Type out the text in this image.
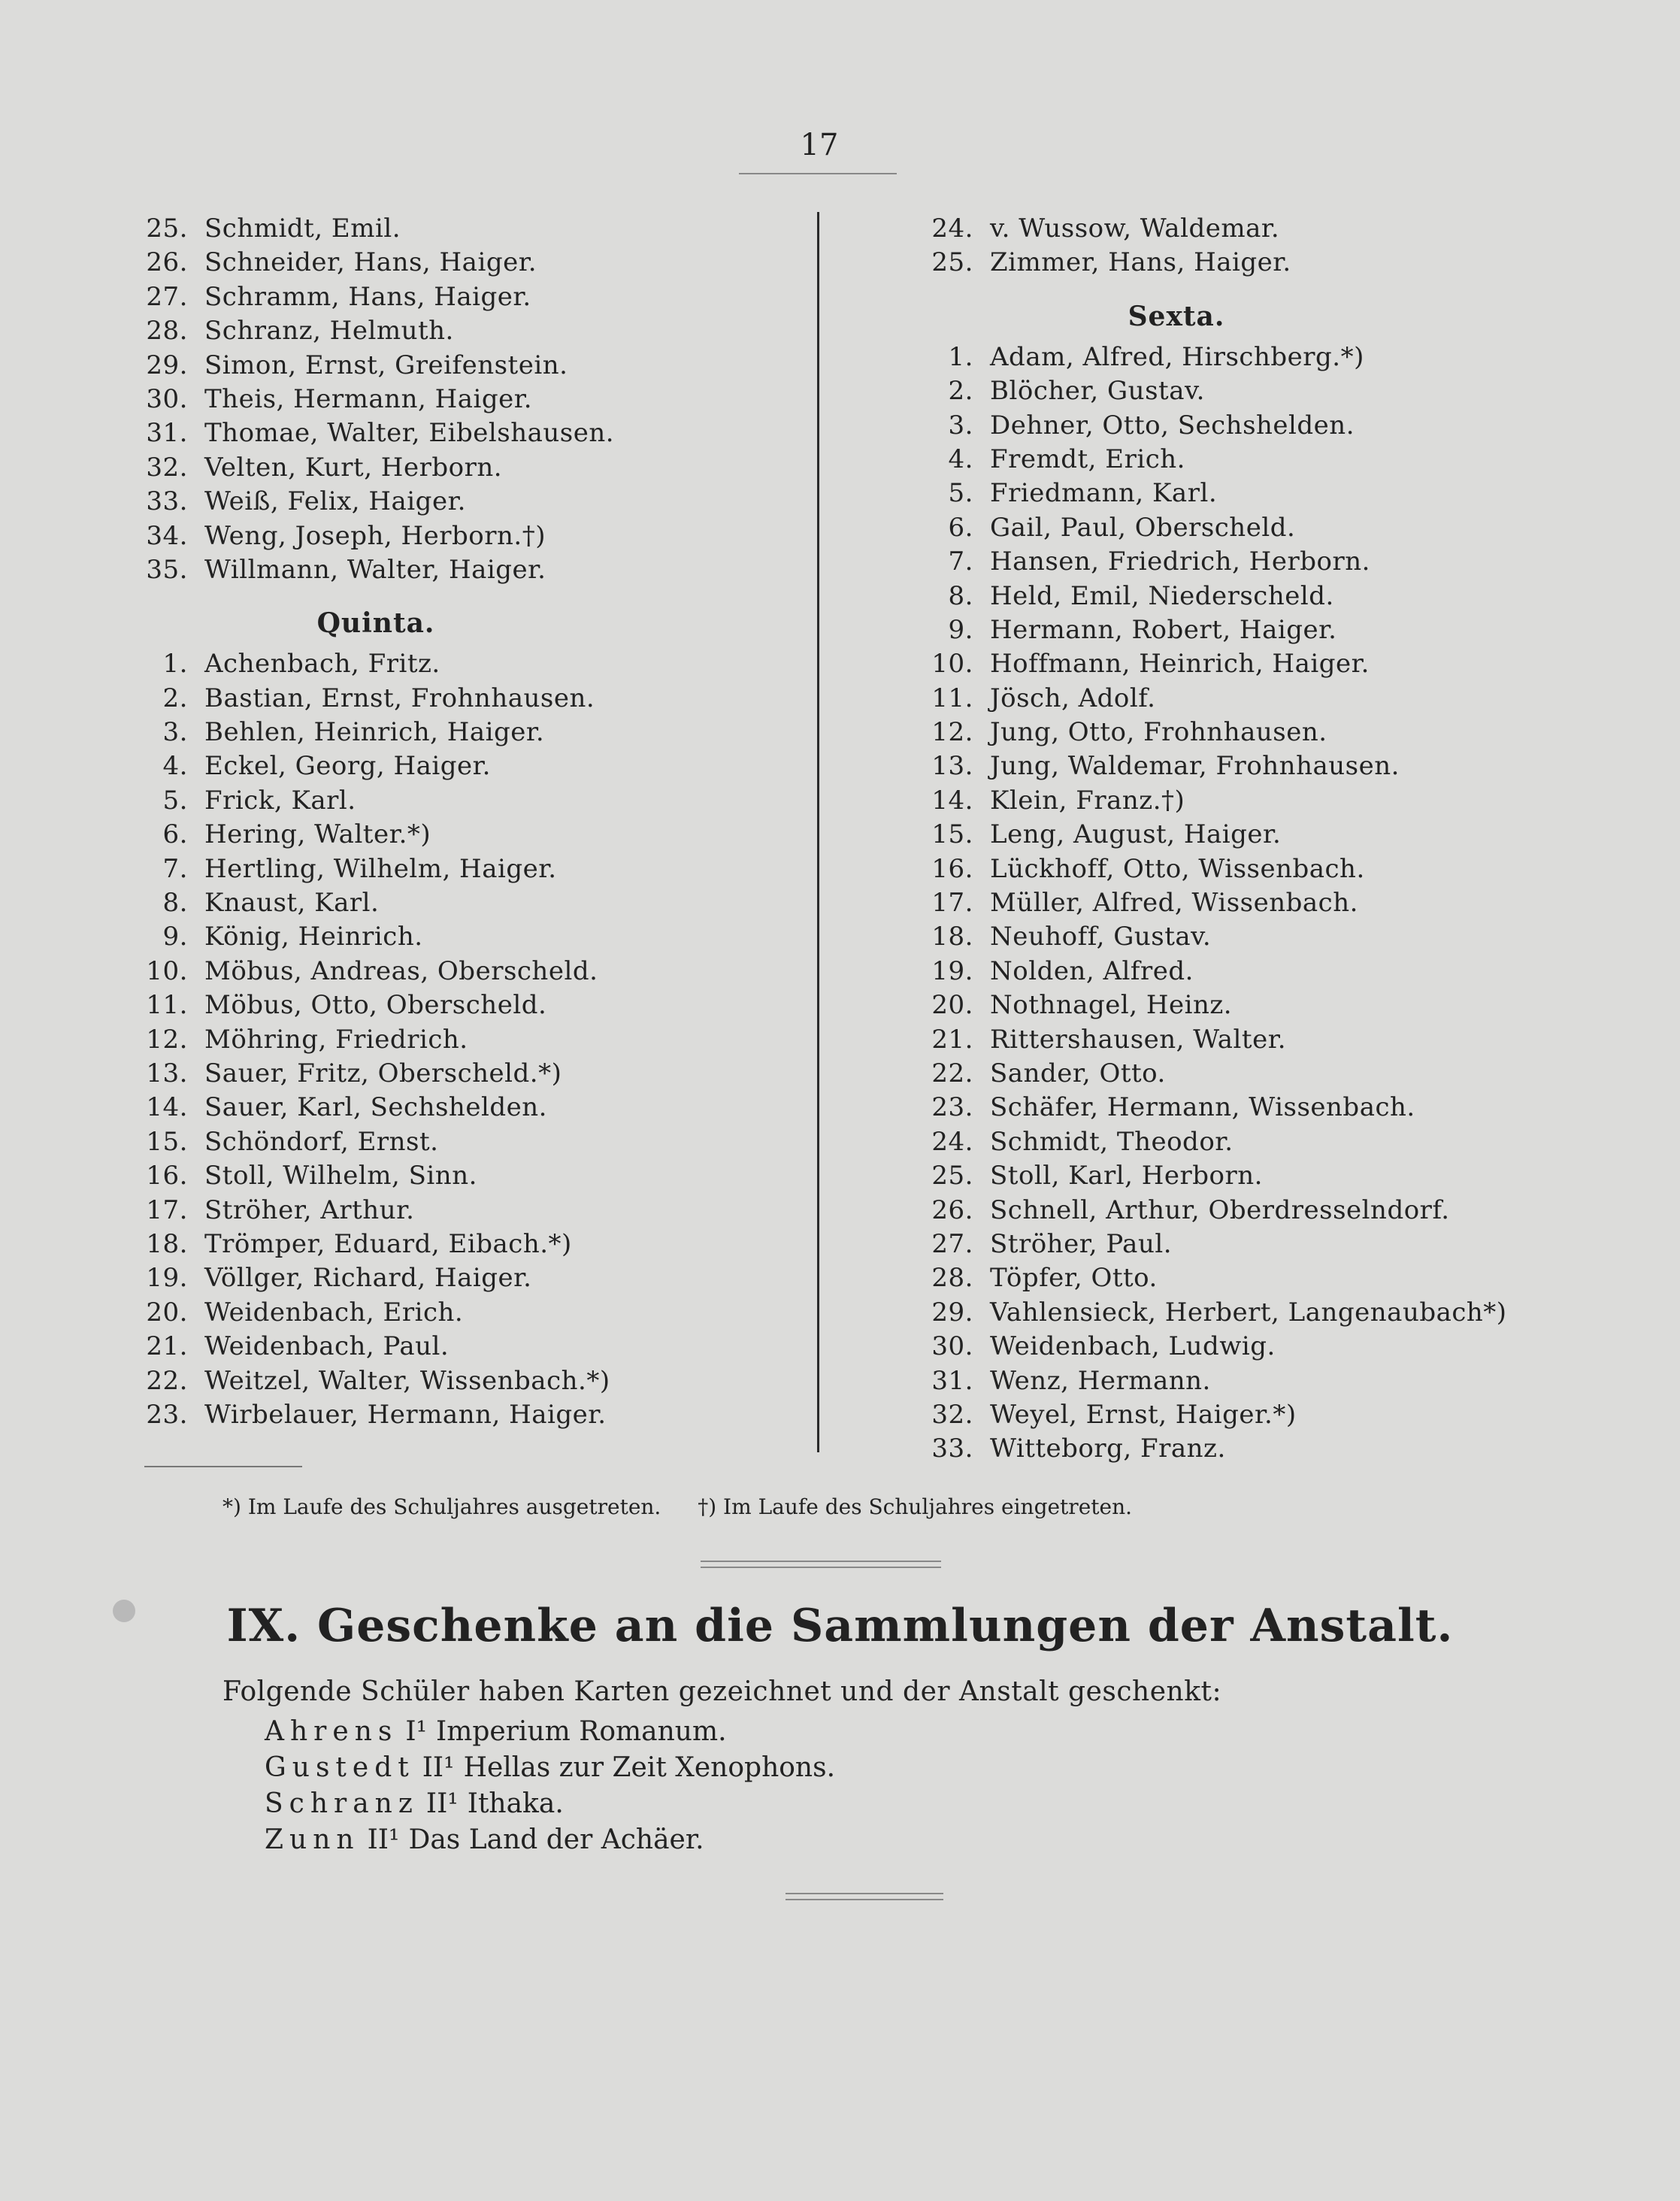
17
25. Schmidt, Emil.
26. Schneider, Hans, Haiger.
27. Schramm, Hans, Haiger.
28. Schranz, Helmuth.
29. Simon, Ernst, Greifenstein.
30. Theis, Hermann, Haiger.
31. Thomae, Walter, Eibelshausen.
32. Velten, Kurt, Herborn.
33. Weiß, Felix, Haiger.
34. Weng, Joseph, Herborn.†)
35. Willmann, Walter, Haiger.
Quinta.
1. Achenbach, Fritz.
2. Bastian, Ernst, Frohnhausen.
3. Behlen, Heinrich, Haiger.
4. Eckel, Georg, Haiger.
5. Frick, Karl.
6. Hering, Walter.*)
7. Hertling, Wilhelm, Haiger.
8. Knaust, Karl.
9. König, Heinrich.
10. Möbus, Andreas, Oberscheld.
11. Möbus, Otto, Oberscheld.
12. Möhring, Friedrich.
13. Sauer, Fritz, Oberscheld.*)
14. Sauer, Karl, Sechshelden.
15. Schöndorf, Ernst.
16. Stoll, Wilhelm, Sinn.
17. Ströher, Arthur.
18. Trömper, Eduard, Eibach.*)
19. Völlger, Richard, Haiger.
20. Weidenbach, Erich.
21. Weidenbach, Paul.
22. Weitzel, Walter, Wissenbach.*)
23. Wirbelauer, Hermann, Haiger.
24. v. Wussow, Waldemar.
25. Zimmer, Hans, Haiger.
Sexta.
1. Adam, Alfred, Hirschberg.*)
2. Blöcher, Gustav.
3. Dehner, Otto, Sechshelden.
4. Fremdt, Erich.
5. Friedmann, Karl.
6. Gail, Paul, Oberscheld.
7. Hansen, Friedrich, Herborn.
8. Held, Emil, Niederscheld.
9. Hermann, Robert, Haiger.
10. Hoffmann, Heinrich, Haiger.
11. Jösch, Adolf.
12. Jung, Otto, Frohnhausen.
13. Jung, Waldemar, Frohnhausen.
14. Klein, Franz.†)
15. Leng, August, Haiger.
16. Lückhoff, Otto, Wissenbach.
17. Müller, Alfred, Wissenbach.
18. Neuhoff, Gustav.
19. Nolden, Alfred.
20. Nothnagel, Heinz.
21. Rittershausen, Walter.
22. Sander, Otto.
23. Schäfer, Hermann, Wissenbach.
24. Schmidt, Theodor.
25. Stoll, Karl, Herborn.
26. Schnell, Arthur, Oberdresselndorf.
27. Ströher, Paul.
28. Töpfer, Otto.
29. Vahlensieck, Herbert, Langenaubach*)
30. Weidenbach, Ludwig.
31. Wenz, Hermann.
32. Weyel, Ernst, Haiger.*)
33. Witteborg, Franz.
*) Im Laufe des Schuljahres ausgetreten. †) Im Laufe des Schuljahres eingetreten.
IX. Geschenke an die Sammlungen der Anstalt.
Folgende Schüler haben Karten gezeichnet und der Anstalt geschenkt:
Ahrens I¹ Imperium Romanum.
Gustedt II¹ Hellas zur Zeit Xenophons.
Schranz II¹ Ithaka.
Zunn II¹ Das Land der Achäer.
